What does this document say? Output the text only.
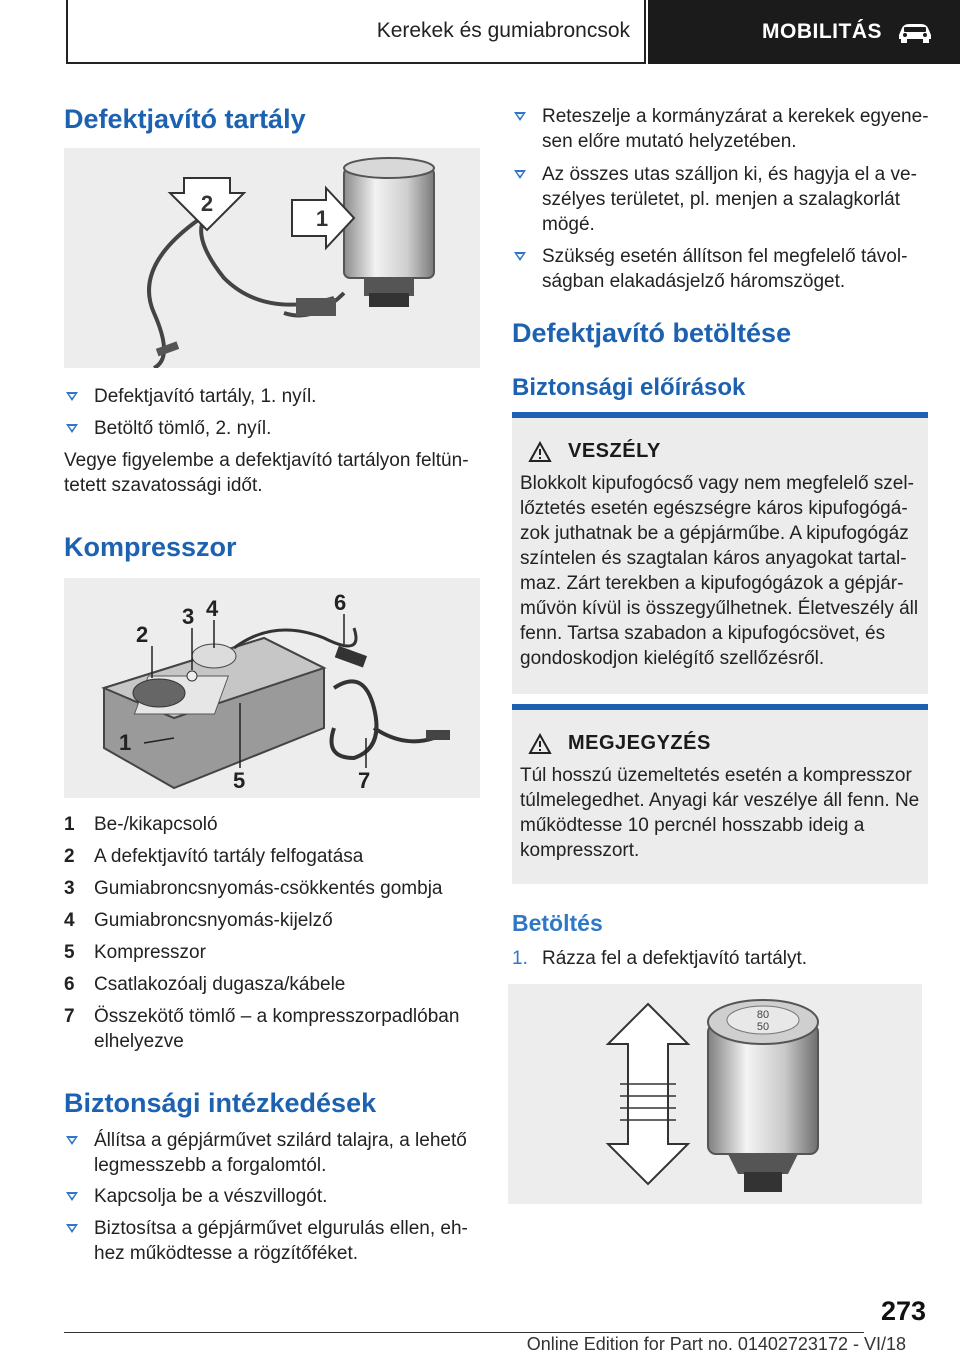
Kerekek és gumiabroncsok	MOBILITÁS
Defektjavító tartály
2
1
Defektjavító tartály, 1. nyíl.
Betöltő tömlő, 2. nyíl.
Vegye figyelembe a defektjavító tartályon feltüntetett szavatossági időt.
Kompresszor
1
2
3 4
5
6
7
1 Be-/kikapcsoló
2 A defektjavító tartály felfogatása
3 Gumiabroncsnyomás-csökkentés gombja
4 Gumiabroncsnyomás-kijelző
5 Kompresszor
6 Csatlakozóalj dugasza/kábele
7 Összekötő tömlő – a kompresszorpadlóban elhelyezve
Biztonsági intézkedések
Állítsa a gépjárművet szilárd talajra, a lehető legmesszebb a forgalomtól.
Kapcsolja be a vészvillogót.
Biztosítsa a gépjárművet elgurulás ellen, ehhez működtesse a rögzítőféket.
Reteszelje a kormányzárat a kerekek egyenesen előre mutató helyzetében.
Az összes utas szálljon ki, és hagyja el a veszélyes területet, pl. menjen a szalagkorlát mögé.
Szükség esetén állítson fel megfelelő távolságban elakadásjelző háromszöget.
Defektjavító betöltése
Biztonsági előírások
VESZÉLY
Blokkolt kipufogócső vagy nem megfelelő szellőztetés esetén egészségre káros kipufogógázok juthatnak be a gépjárműbe. A kipufogógáz színtelen és szagtalan káros anyagokat tartalmaz. Zárt terekben a kipufogógázok a gépjárművön kívül is összegyűlhetnek. Életveszély áll fenn. Tartsa szabadon a kipufogócsövet, és gondoskodjon kielégítő szellőzésről.
MEGJEGYZÉS
Túl hosszú üzemeltetés esetén a kompresszor túlmelegedhet. Anyagi kár veszélye áll fenn. Ne működtesse 10 percnél hosszabb ideig a kompresszort.
Betöltés
1. Rázza fel a defektjavító tartályt.
80
50
273
Online Edition for Part no. 01402723172 - VI/18
